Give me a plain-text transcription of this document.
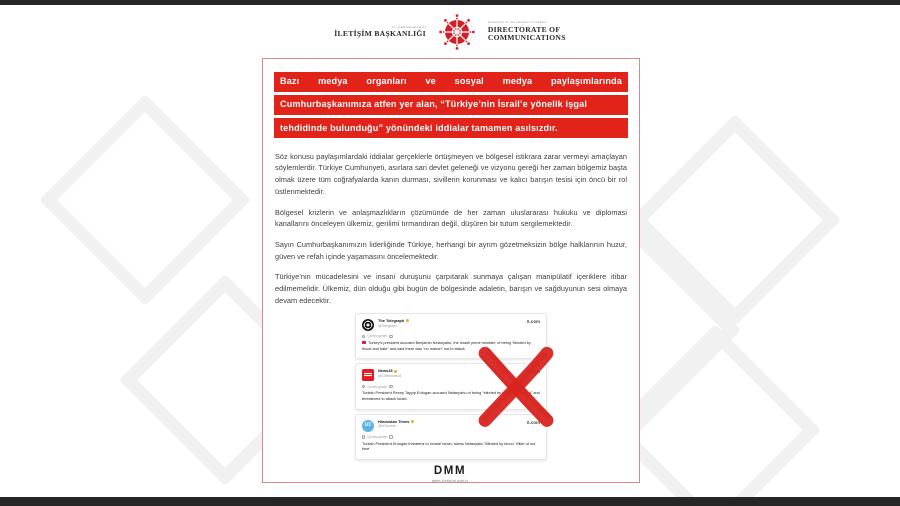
T.C. CUMHURBAŞKANLIĞI
İLETİŞİM BAŞKANLIĞI
PRESIDENCY OF THE REPUBLIC OF TÜRKİYE
DIRECTORATE OF
COMMUNICATIONS
Bazı medya organları ve sosyal medya paylaşımlarında
Cumhurbaşkanımıza atfen yer alan, “Türkiye’nin İsrail’e yönelik işgal
tehdidinde bulunduğu” yönündeki iddialar tamamen asılsızdır.

Söz konusu paylaşımlardaki iddialar gerçeklerle örtüşmeyen ve bölgesel istikrara zarar vermeyi amaçlayan söylemlerdir. Türkiye Cumhuriyeti, asırlara sari devlet geleneği ve vizyonu gereği her zaman bölgemiz başta olmak üzere tüm coğrafyalarda kanın durması, sivillerin korunması ve kalıcı barışın tesisi için öncü bir rol üstlenmektedir.

Bölgesel krizlerin ve anlaşmazlıkların çözümünde de her zaman uluslararası hukuku ve diplomasi kanallarını önceleyen ülkemiz, gerilimi tırmandıran değil, düşüren bir tutum sergilemektedir.

Sayın Cumhurbaşkanımızın liderliğinde Türkiye, herhangi bir ayrım gözetmeksizin bölge halklarının huzur, güven ve refah içinde yaşamasını öncelemektedir.

Türkiye’nin mücadelesini ve insani duruşunu çarpıtarak sunmaya çalışan manipülatif içeriklere itibar edilmemelidir. Ülkemiz, dün olduğu gibi bugün de bölgesinde adaletin, barışın ve sağduyunun sesi olmaya devam edecektir.

The Telegraph
@Telegraph
X.com
Çeviriyi göster
Turkey's president accused Benjamin Netanyahu, the Israeli prime minister, of being “blinded by blood and hate” and said there was “no reason” not to attack
News18
@CNNnews18
X.com
Çeviriyi göster
Turkish President Recep Tayyip Erdogan accused Netanyahu of being “blinded by blood and hatred” and threatened to attack Israel.
HT
Hindustan Times
@htTweets
X.com
Çeviriyi göster
Turkish President Erdogan threatens to invade Israel, slams Netanyahu 'Blinded by blood, Hitler of our time'
DMM
dmm.iletisim.gov.tr
